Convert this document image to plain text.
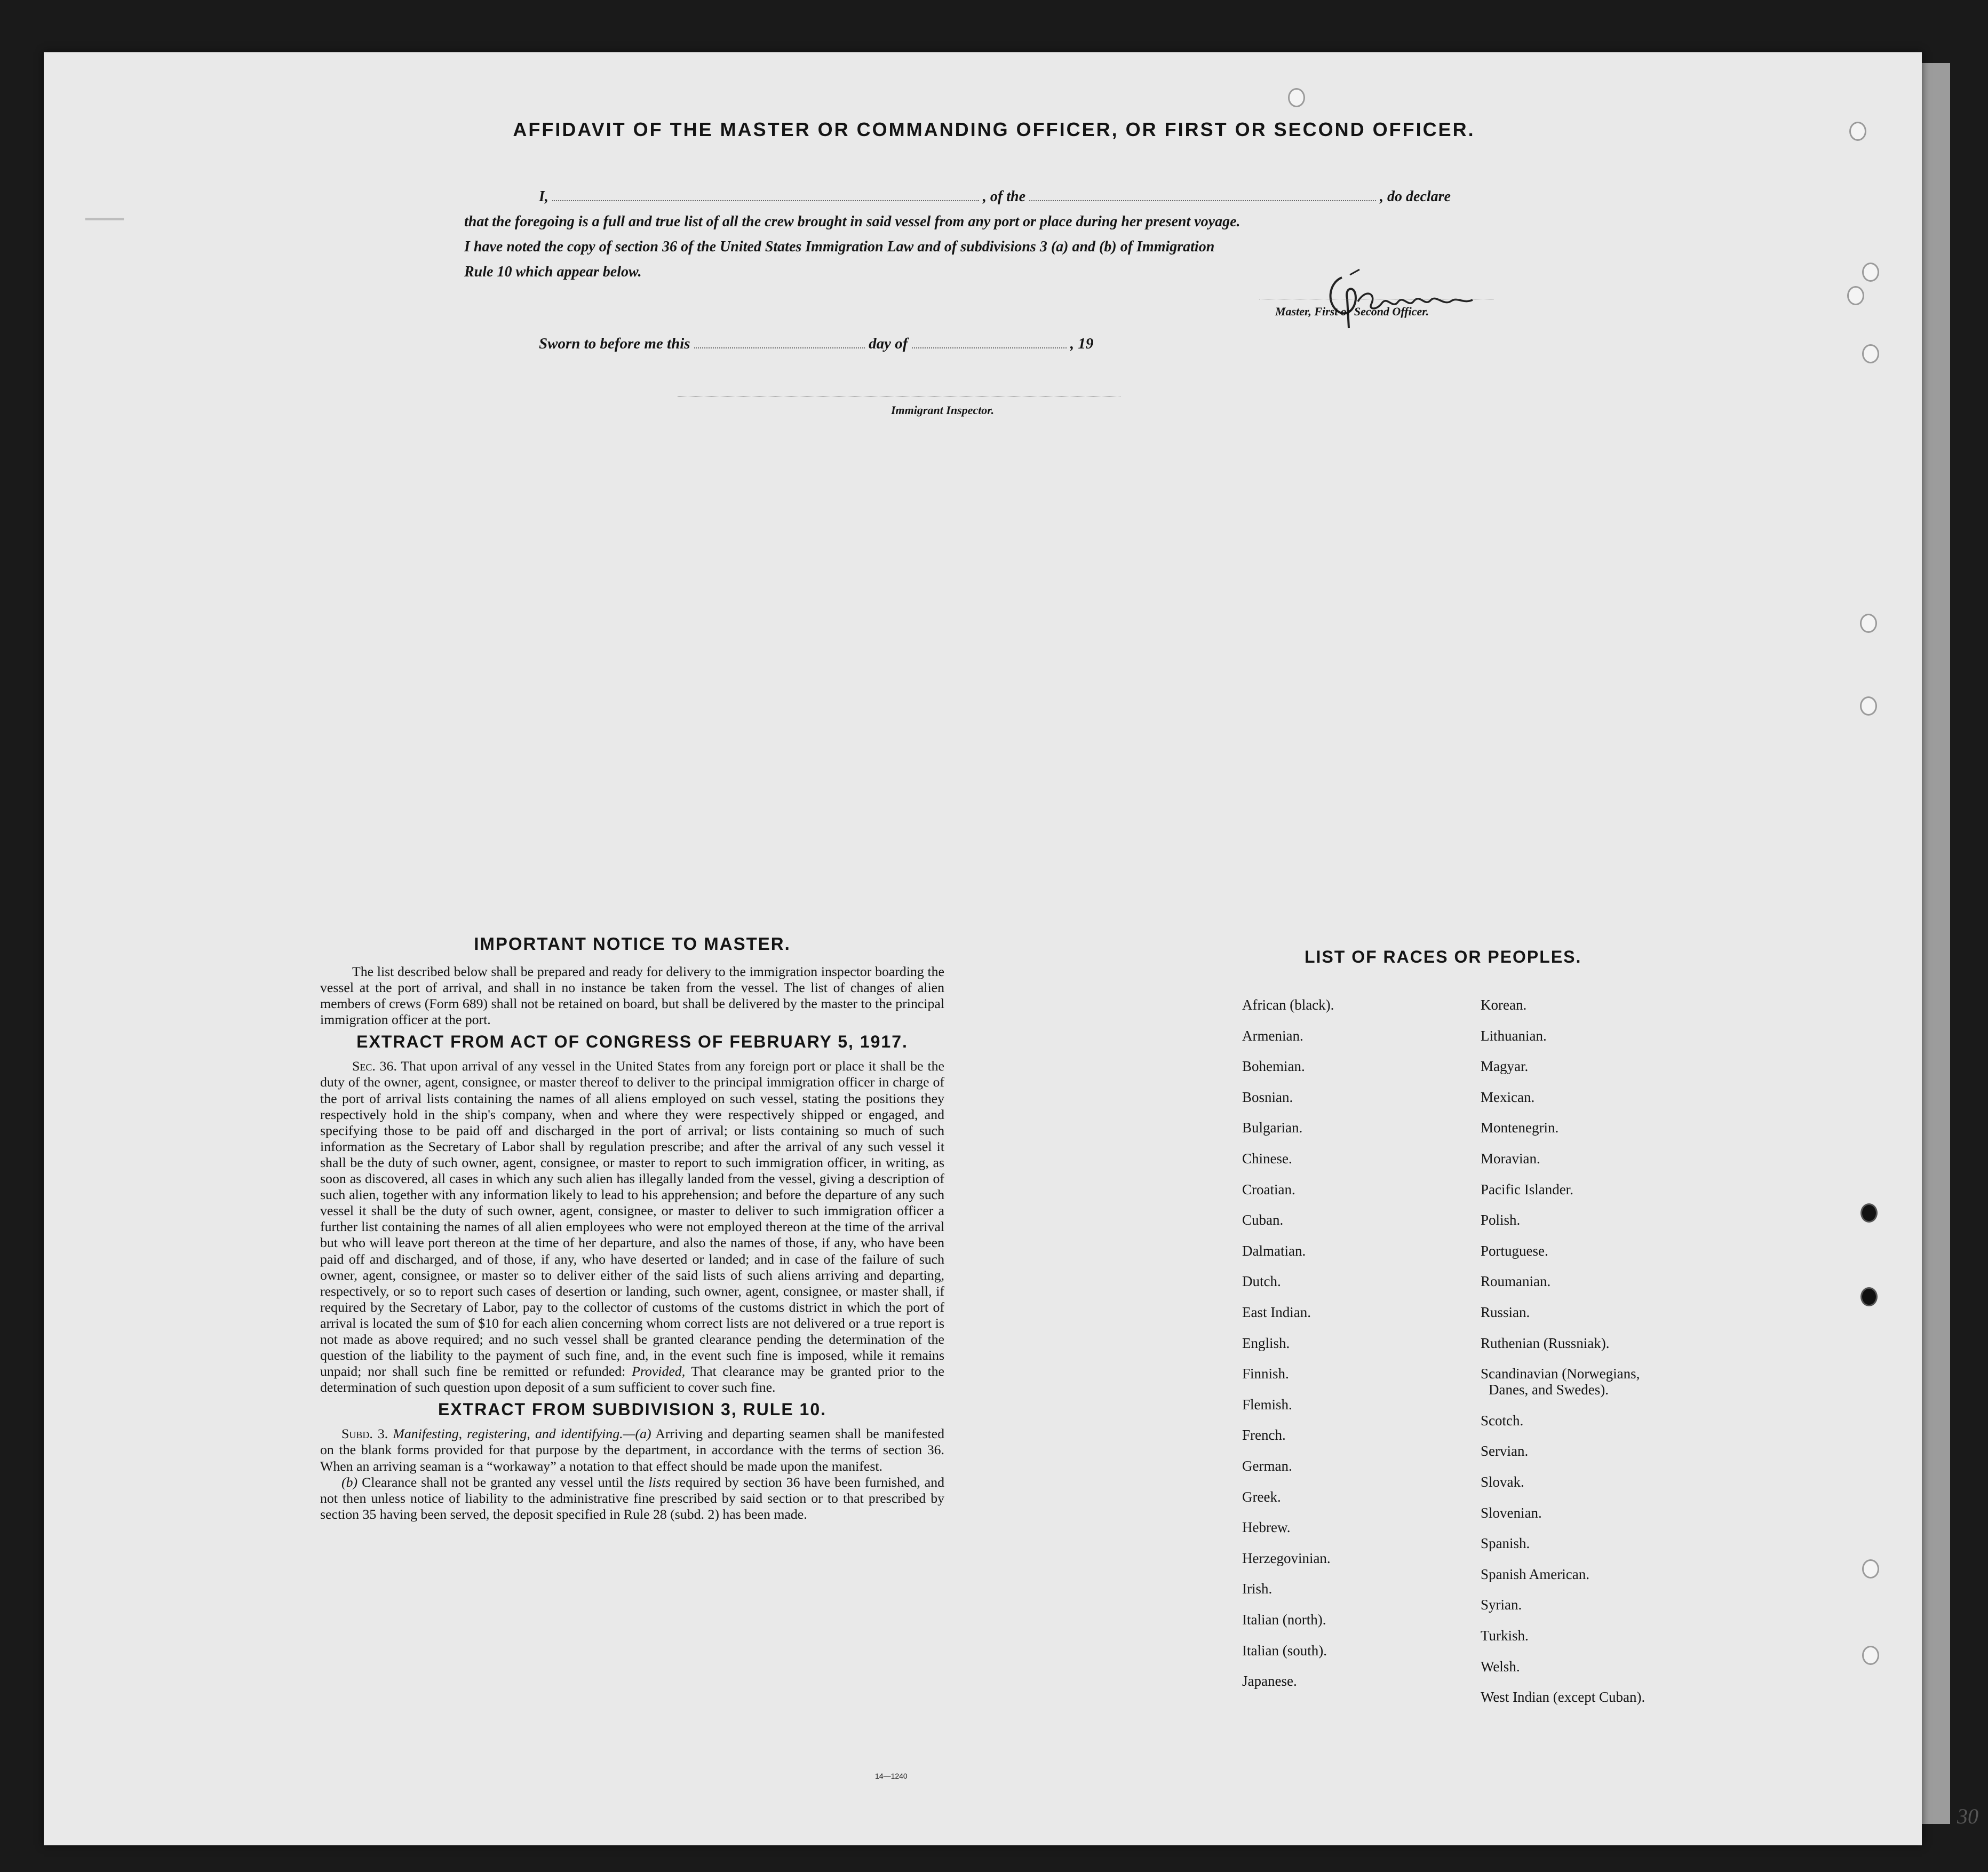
──
AFFIDAVIT OF THE MASTER OR COMMANDING OFFICER, OR FIRST OR SECOND OFFICER.
I,	, of the	, do declare
that the foregoing is a full and true list of all the crew brought in said vessel from any port or place during her present voyage.
I have noted the copy of section 36 of the United States Immigration Law and of subdivisions 3 (a) and (b) of Immigration
Rule 10 which appear below.
Master, First or Second Officer.
Sworn to before me this	day of	, 19
Immigrant Inspector.
IMPORTANT NOTICE TO MASTER.

The list described below shall be prepared and ready for delivery to the immigration inspector boarding the vessel at the port of arrival, and shall in no instance be taken from the vessel. The list of changes of alien members of crews (Form 689) shall not be retained on board, but shall be delivered by the master to the principal immigration officer at the port.

EXTRACT FROM ACT OF CONGRESS OF FEBRUARY 5, 1917.

Sec. 36. That upon arrival of any vessel in the United States from any foreign port or place it shall be the duty of the owner, agent, consignee, or master thereof to deliver to the principal immigration officer in charge of the port of arrival lists containing the names of all aliens employed on such vessel, stating the positions they respectively hold in the ship's company, when and where they were respectively shipped or engaged, and specifying those to be paid off and discharged in the port of arrival; or lists containing so much of such information as the Secretary of Labor shall by regulation prescribe; and after the arrival of any such vessel it shall be the duty of such owner, agent, consignee, or master to report to such immigration officer, in writing, as soon as discovered, all cases in which any such alien has illegally landed from the vessel, giving a description of such alien, together with any information likely to lead to his apprehension; and before the departure of any such vessel it shall be the duty of such owner, agent, consignee, or master to deliver to such immigration officer a further list containing the names of all alien employees who were not employed thereon at the time of the arrival but who will leave port thereon at the time of her departure, and also the names of those, if any, who have been paid off and discharged, and of those, if any, who have deserted or landed; and in case of the failure of such owner, agent, consignee, or master so to deliver either of the said lists of such aliens arriving and departing, respectively, or so to report such cases of desertion or landing, such owner, agent, consignee, or master shall, if required by the Secretary of Labor, pay to the collector of customs of the customs district in which the port of arrival is located the sum of $10 for each alien concerning whom correct lists are not delivered or a true report is not made as above required; and no such vessel shall be granted clearance pending the determination of the question of the liability to the payment of such fine, and, in the event such fine is imposed, while it remains unpaid; nor shall such fine be remitted or refunded: Provided, That clearance may be granted prior to the determination of such question upon deposit of a sum sufficient to cover such fine.

EXTRACT FROM SUBDIVISION 3, RULE 10.

Subd. 3. Manifesting, registering, and identifying.—(a) Arriving and departing seamen shall be manifested on the blank forms provided for that purpose by the department, in accordance with the terms of section 36. When an arriving seaman is a “workaway” a notation to that effect should be made upon the manifest.

(b) Clearance shall not be granted any vessel until the lists required by section 36 have been furnished, and not then unless notice of liability to the administrative fine prescribed by said section or to that prescribed by section 35 having been served, the deposit specified in Rule 28 (subd. 2) has been made.

14—1240
LIST OF RACES OR PEOPLES.
African (black).
Armenian.
Bohemian.
Bosnian.
Bulgarian.
Chinese.
Croatian.
Cuban.
Dalmatian.
Dutch.
East Indian.
English.
Finnish.
Flemish.
French.
German.
Greek.
Hebrew.
Herzegovinian.
Irish.
Italian (north).
Italian (south).
Japanese.
Korean.
Lithuanian.
Magyar.
Mexican.
Montenegrin.
Moravian.
Pacific Islander.
Polish.
Portuguese.
Roumanian.
Russian.
Ruthenian (Russniak).
Scandinavian (Norwegians,
Danes, and Swedes).
Scotch.
Servian.
Slovak.
Slovenian.
Spanish.
Spanish American.
Syrian.
Turkish.
Welsh.
West Indian (except Cuban).
30
